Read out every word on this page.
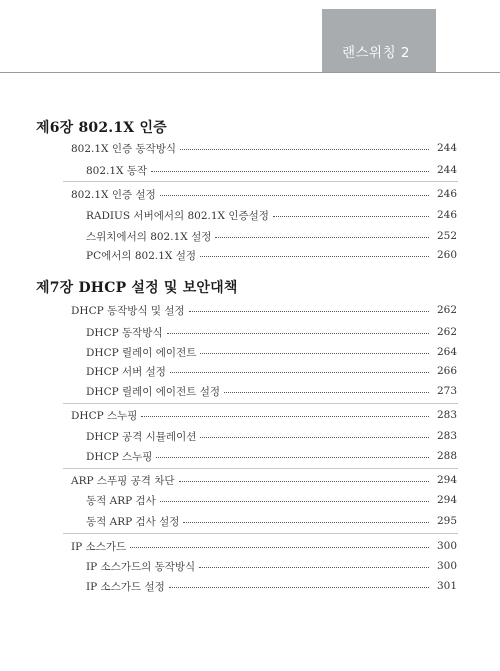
랜스위칭 2
제6장 802.1X 인증
802.1X 인증 동작방식	244
802.1X 동작	244
802.1X 인증 설정	246
RADIUS 서버에서의 802.1X 인증설정	246
스위치에서의 802.1X 설정	252
PC에서의 802.1X 설정	260
제7장 DHCP 설정 및 보안대책
DHCP 동작방식 및 설정	262
DHCP 동작방식	262
DHCP 릴레이 에이전트	264
DHCP 서버 설정	266
DHCP 릴레이 에이전트 설정	273
DHCP 스누핑	283
DHCP 공격 시뮬레이션	283
DHCP 스누핑	288
ARP 스푸핑 공격 차단	294
동적 ARP 검사	294
동적 ARP 검사 설정	295
IP 소스가드	300
IP 소스가드의 동작방식	300
IP 소스가드 설정	301
